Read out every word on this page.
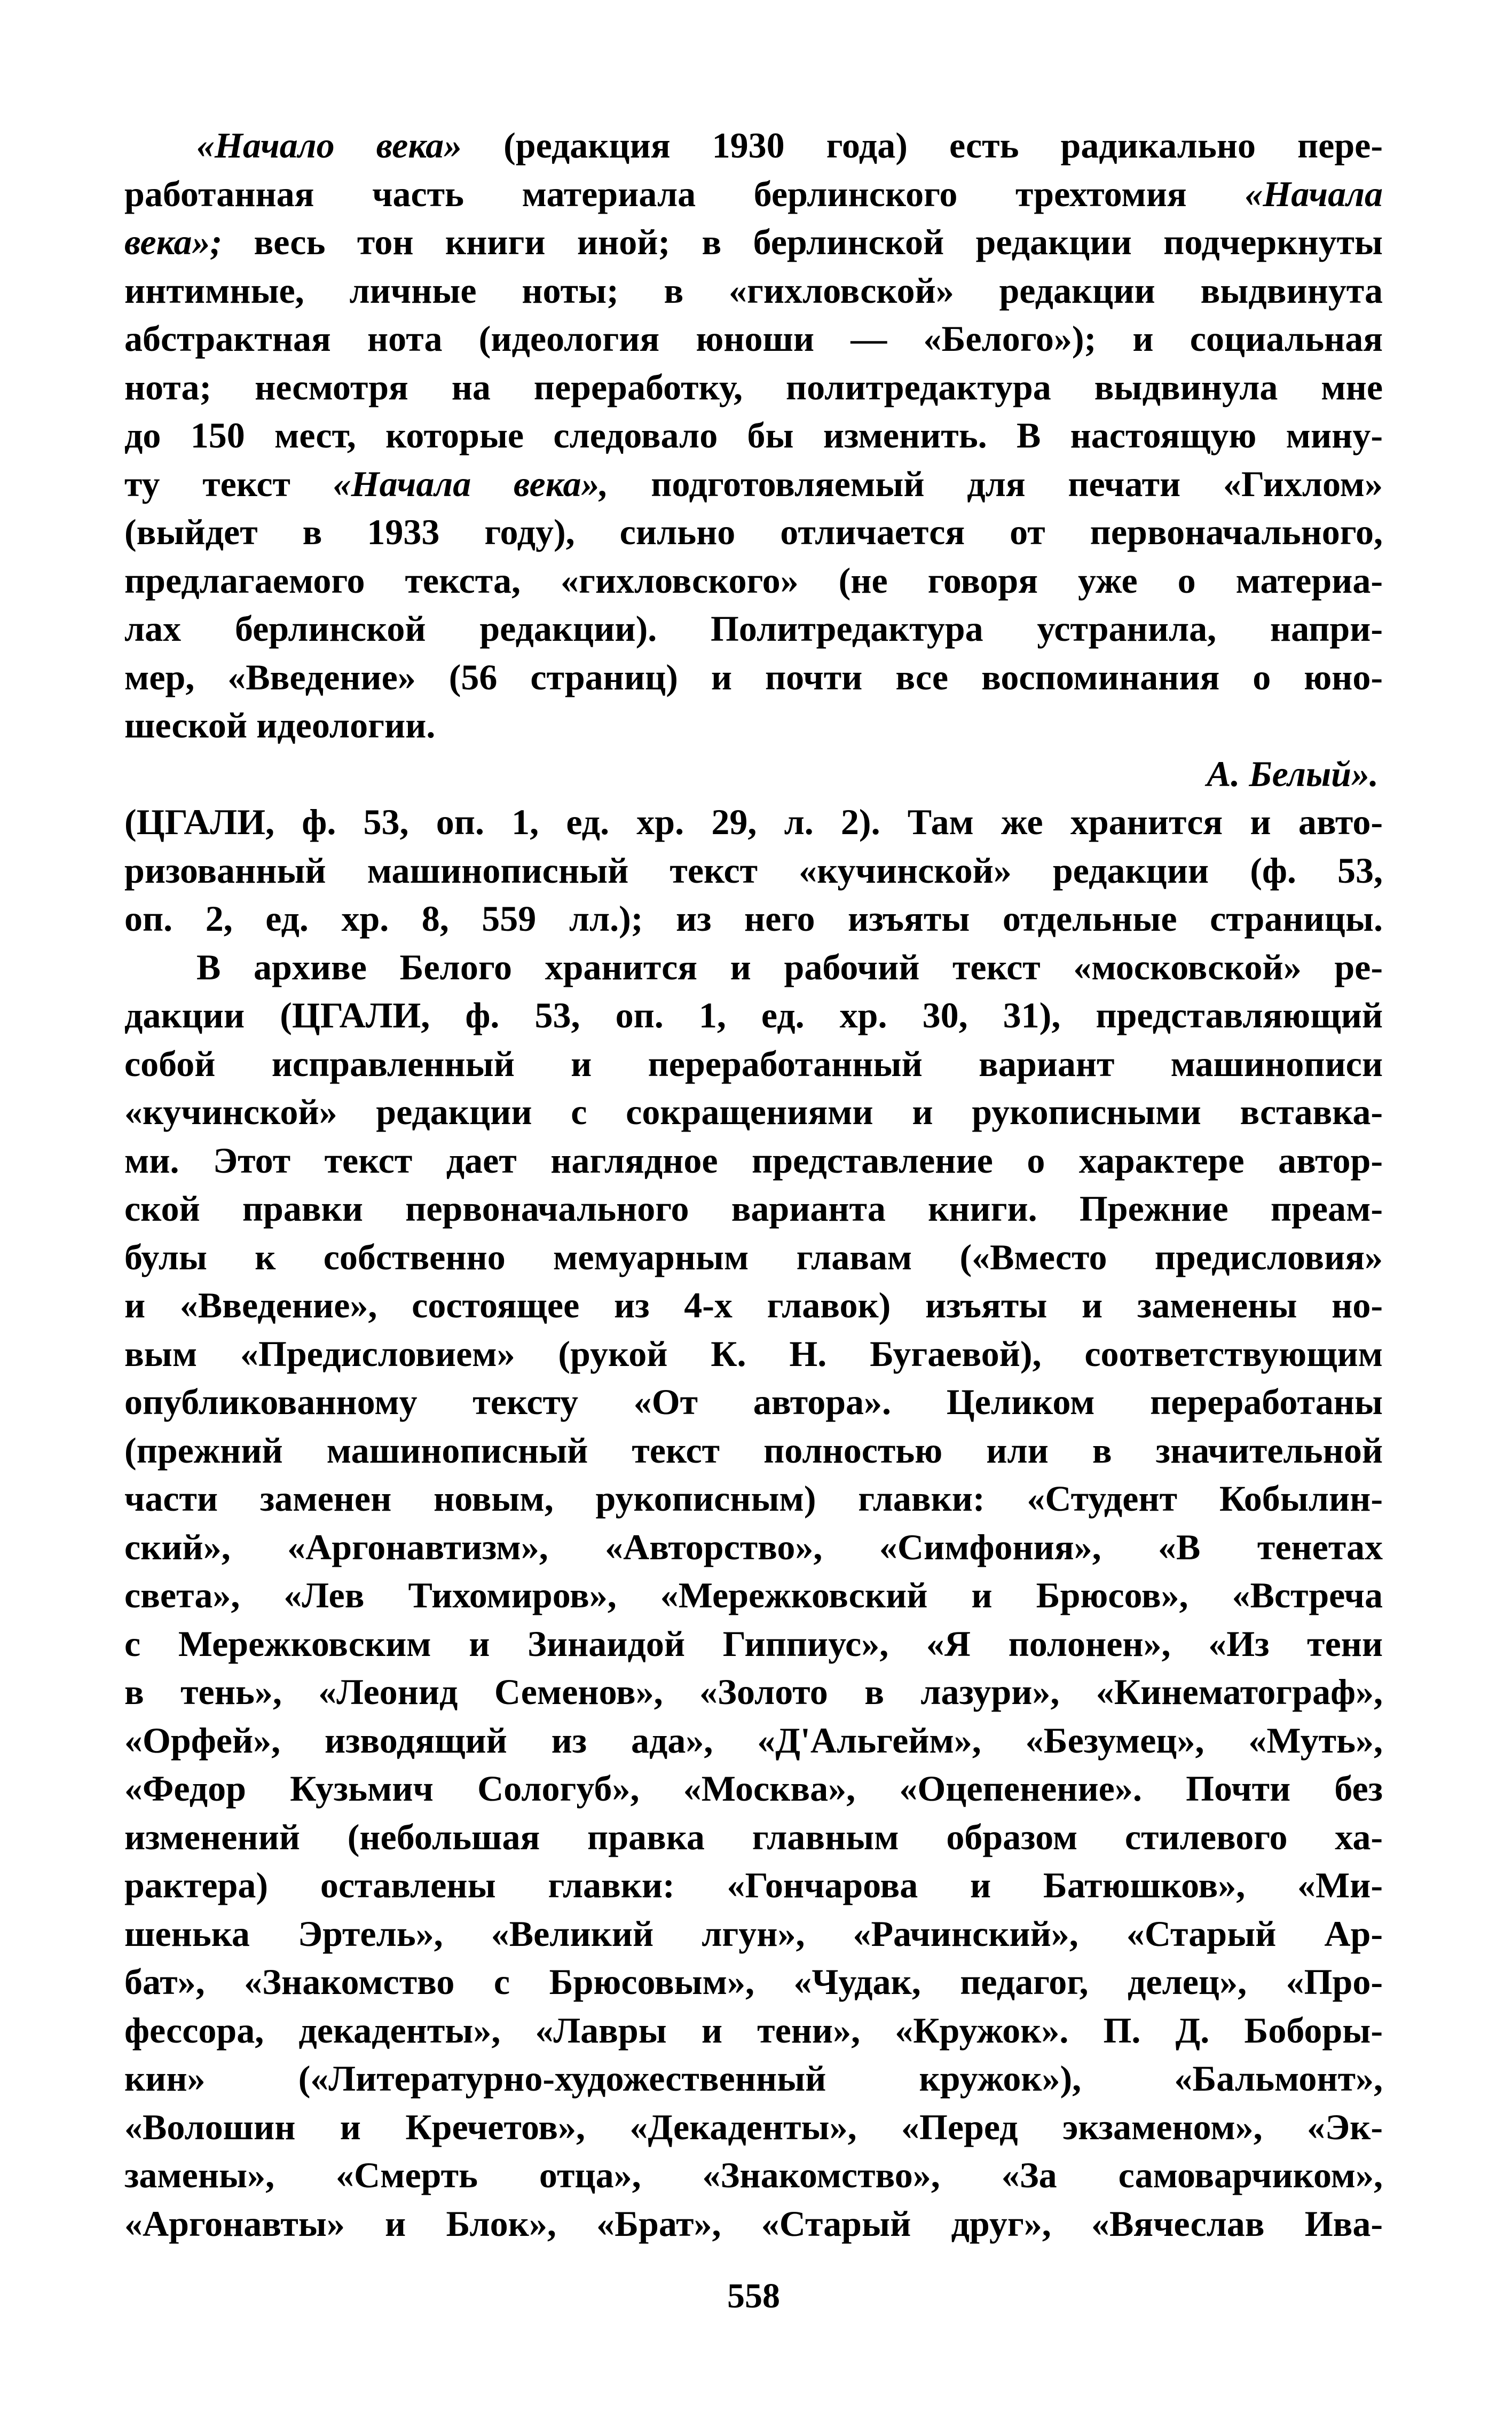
«Начало века» (редакция 1930 года) есть радикально пере-
работанная часть материала берлинского трехтомия «Начала
века»; весь тон книги иной; в берлинской редакции подчеркнуты
интимные, личные ноты; в «гихловской» редакции выдвинута
абстрактная нота (идеология юноши — «Белого»); и социальная
нота; несмотря на переработку, политредактура выдвинула мне
до 150 мест, которые следовало бы изменить. В настоящую мину-
ту текст «Начала века», подготовляемый для печати «Гихлом»
(выйдет в 1933 году), сильно отличается от первоначального,
предлагаемого текста, «гихловского» (не говоря уже о материа-
лах берлинской редакции). Политредактура устранила, напри-
мер, «Введение» (56 страниц) и почти все воспоминания о юно-
шеской идеологии.
А. Белый».
(ЦГАЛИ, ф. 53, оп. 1, ед. хр. 29, л. 2). Там же хранится и авто-
ризованный машинописный текст «кучинской» редакции (ф. 53,
оп. 2, ед. хр. 8, 559 лл.); из него изъяты отдельные страницы.
В архиве Белого хранится и рабочий текст «московской» ре-
дакции (ЦГАЛИ, ф. 53, оп. 1, ед. хр. 30, 31), представляющий
собой исправленный и переработанный вариант машинописи
«кучинской» редакции с сокращениями и рукописными вставка-
ми. Этот текст дает наглядное представление о характере автор-
ской правки первоначального варианта книги. Прежние преам-
булы к собственно мемуарным главам («Вместо предисловия»
и «Введение», состоящее из 4-х главок) изъяты и заменены но-
вым «Предисловием» (рукой К. Н. Бугаевой), соответствующим
опубликованному тексту «От автора». Целиком переработаны
(прежний машинописный текст полностью или в значительной
части заменен новым, рукописным) главки: «Студент Кобылин-
ский», «Аргонавтизм», «Авторство», «Симфония», «В тенетах
света», «Лев Тихомиров», «Мережковский и Брюсов», «Встреча
с Мережковским и Зинаидой Гиппиус», «Я полонен», «Из тени
в тень», «Леонид Семенов», «Золото в лазури», «Кинематограф»,
«Орфей», изводящий из ада», «Д'Альгейм», «Безумец», «Муть»,
«Федор Кузьмич Сологуб», «Москва», «Оцепенение». Почти без
изменений (небольшая правка главным образом стилевого ха-
рактера) оставлены главки: «Гончарова и Батюшков», «Ми-
шенька Эртель», «Великий лгун», «Рачинский», «Старый Ар-
бат», «Знакомство с Брюсовым», «Чудак, педагог, делец», «Про-
фессора, декаденты», «Лавры и тени», «Кружок». П. Д. Боборы-
кин» («Литературно-художественный кружок»), «Бальмонт»,
«Волошин и Кречетов», «Декаденты», «Перед экзаменом», «Эк-
замены», «Смерть отца», «Знакомство», «За самоварчиком»,
«Аргонавты» и Блок», «Брат», «Старый друг», «Вячеслав Ива-
558
